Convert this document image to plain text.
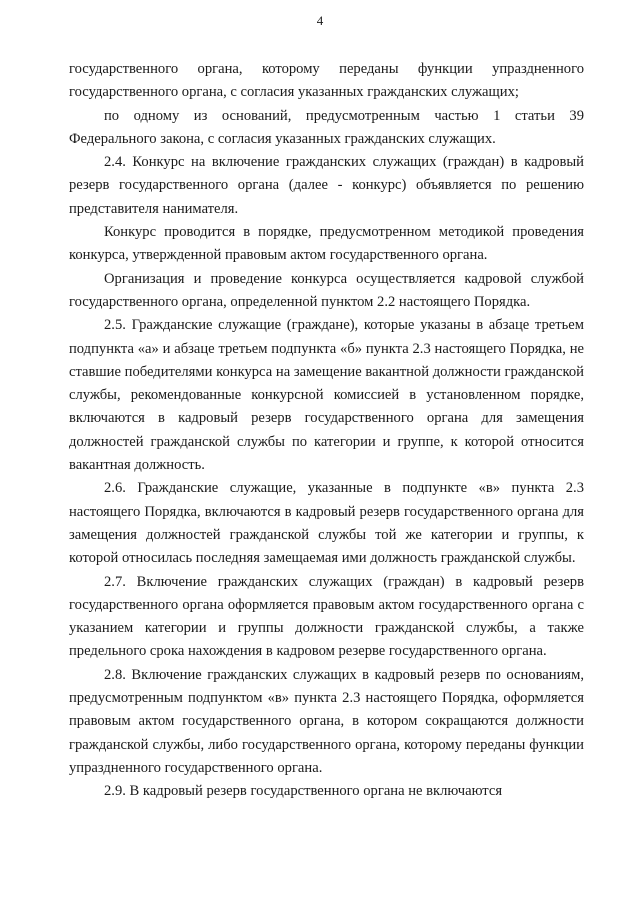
4

государственного органа, которому переданы функции упраздненного государственного органа, с согласия указанных гражданских служащих;

по одному из оснований, предусмотренным частью 1 статьи 39 Федерального закона, с согласия указанных гражданских служащих.

2.4. Конкурс на включение гражданских служащих (граждан) в кадровый резерв государственного органа (далее - конкурс) объявляется по решению представителя нанимателя.

Конкурс проводится в порядке, предусмотренном методикой проведения конкурса, утвержденной правовым актом государственного органа.

Организация и проведение конкурса осуществляется кадровой службой государственного органа, определенной пунктом 2.2 настоящего Порядка.

2.5. Гражданские служащие (граждане), которые указаны в абзаце третьем подпункта «а» и абзаце третьем подпункта «б» пункта 2.3 настоящего Порядка, не ставшие победителями конкурса на замещение вакантной должности гражданской службы, рекомендованные конкурсной комиссией в установленном порядке, включаются в кадровый резерв государственного органа для замещения должностей гражданской службы по категории и группе, к которой относится вакантная должность.

2.6. Гражданские служащие, указанные в подпункте «в» пункта 2.3 настоящего Порядка, включаются в кадровый резерв государственного органа для замещения должностей гражданской службы той же категории и группы, к которой относилась последняя замещаемая ими должность гражданской службы.

2.7. Включение гражданских служащих (граждан) в кадровый резерв государственного органа оформляется правовым актом государственного органа с указанием категории и группы должности гражданской службы, а также предельного срока нахождения в кадровом резерве государственного органа.

2.8. Включение гражданских служащих в кадровый резерв по основаниям, предусмотренным подпунктом «в» пункта 2.3 настоящего Порядка, оформляется правовым актом государственного органа, в котором сокращаются должности гражданской службы, либо государственного органа, которому переданы функции упраздненного государственного органа.

2.9. В кадровый резерв государственного органа не включаются
